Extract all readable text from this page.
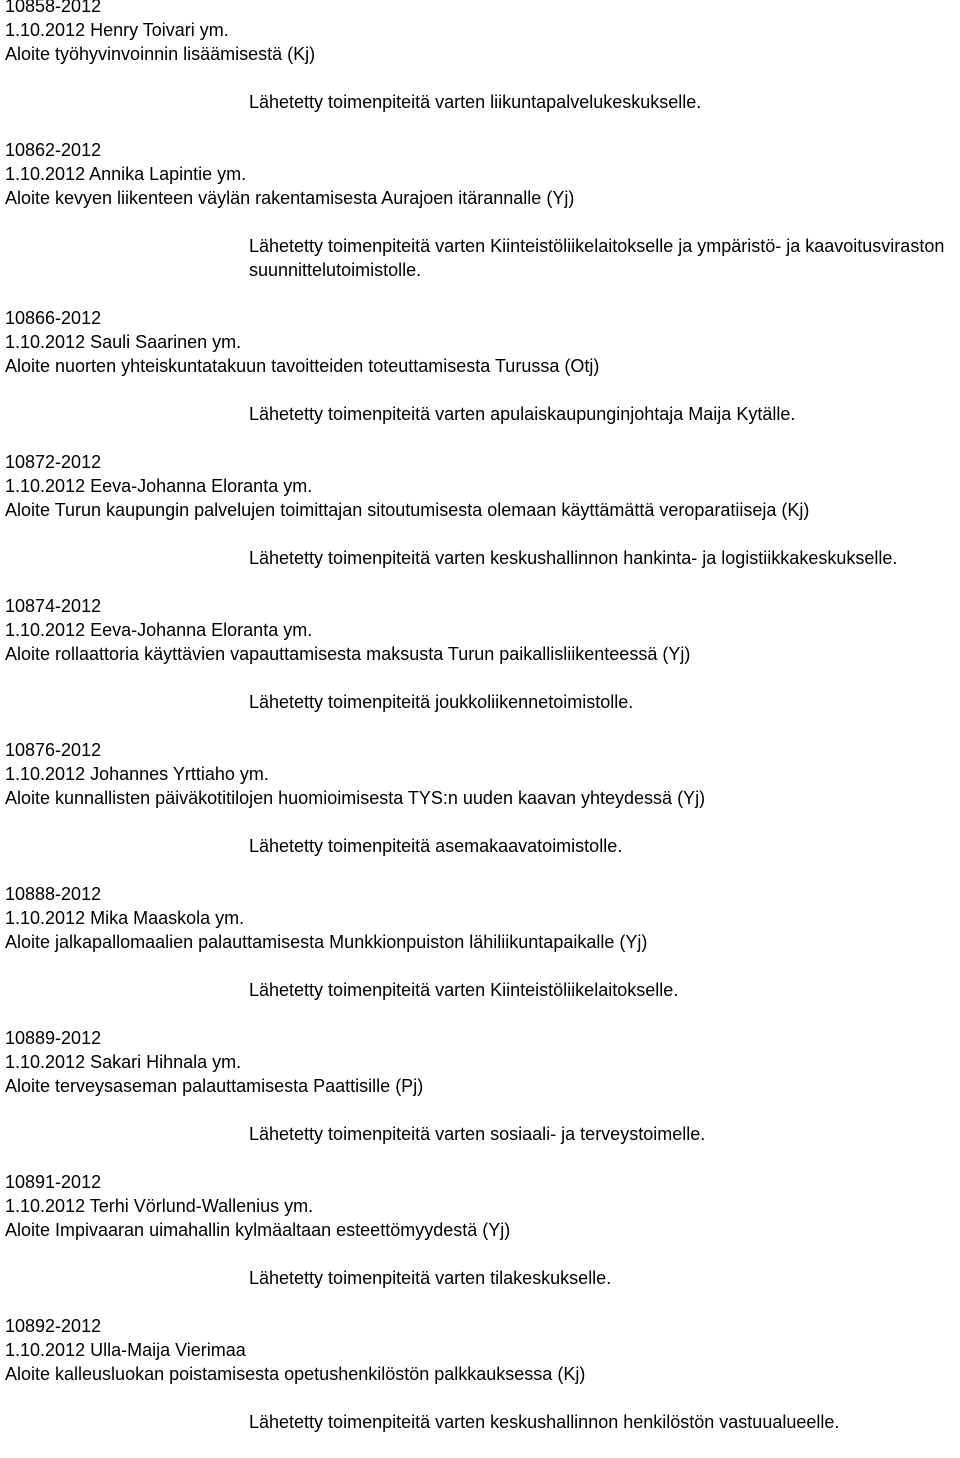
10858-2012
1.10.2012 Henry Toivari ym.
Aloite työhyvinvoinnin lisäämisestä (Kj)
Lähetetty toimenpiteitä varten liikuntapalvelukeskukselle.
10862-2012
1.10.2012 Annika Lapintie ym.
Aloite kevyen liikenteen väylän rakentamisesta Aurajoen itärannalle (Yj)
Lähetetty toimenpiteitä varten Kiinteistöliikelaitokselle ja ympäristö- ja kaavoitusviraston suunnittelutoimistolle.
10866-2012
1.10.2012 Sauli Saarinen ym.
Aloite nuorten yhteiskuntatakuun tavoitteiden toteuttamisesta Turussa (Otj)
Lähetetty toimenpiteitä varten apulaiskaupunginjohtaja Maija Kytälle.
10872-2012
1.10.2012 Eeva-Johanna Eloranta ym.
Aloite Turun kaupungin palvelujen toimittajan sitoutumisesta olemaan käyttämättä veroparatiiseja (Kj)
Lähetetty toimenpiteitä varten keskushallinnon hankinta- ja logistiikkakeskukselle.
10874-2012
1.10.2012 Eeva-Johanna Eloranta ym.
Aloite rollaattoria käyttävien vapauttamisesta maksusta Turun paikallisliikenteessä (Yj)
Lähetetty toimenpiteitä joukkoliikennetoimistolle.
10876-2012
1.10.2012 Johannes Yrttiaho ym.
Aloite kunnallisten päiväkotitilojen huomioimisesta TYS:n uuden kaavan yhteydessä (Yj)
Lähetetty toimenpiteitä asemakaavatoimistolle.
10888-2012
1.10.2012 Mika Maaskola ym.
Aloite jalkapallomaalien palauttamisesta Munkkionpuiston lähiliikuntapaikalle (Yj)
Lähetetty toimenpiteitä varten Kiinteistöliikelaitokselle.
10889-2012
1.10.2012 Sakari Hihnala ym.
Aloite terveysaseman palauttamisesta Paattisille (Pj)
Lähetetty toimenpiteitä varten sosiaali- ja terveystoimelle.
10891-2012
1.10.2012 Terhi Vörlund-Wallenius ym.
Aloite Impivaaran uimahallin kylmäaltaan esteettömyydestä (Yj)
Lähetetty toimenpiteitä varten tilakeskukselle.
10892-2012
1.10.2012 Ulla-Maija Vierimaa
Aloite kalleusluokan poistamisesta opetushenkilöstön palkkauksessa (Kj)
Lähetetty toimenpiteitä varten keskushallinnon henkilöstön vastuualueelle.
